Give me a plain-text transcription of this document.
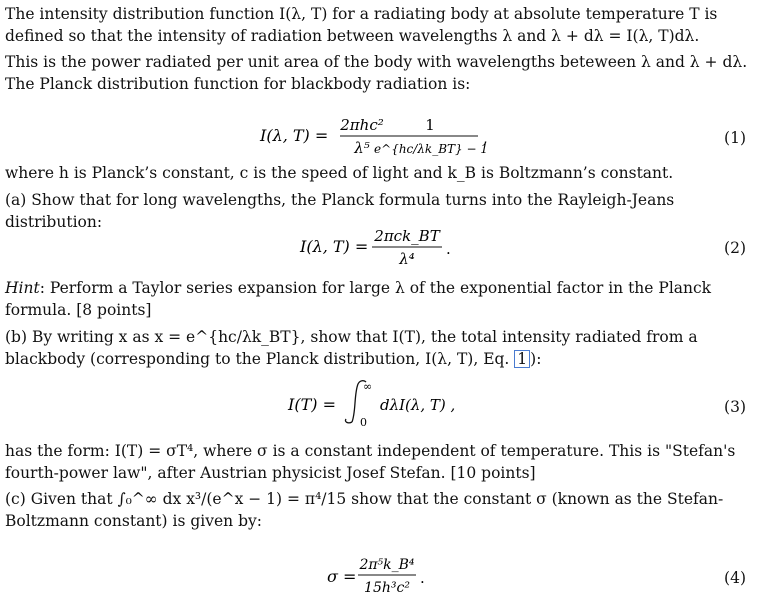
The intensity distribution function I(λ, T) for a radiating body at absolute temperature T is defined so that the intensity of radiation between wavelengths λ and λ + dλ = I(λ, T)dλ.
This is the power radiated per unit area of the body with wavelengths beteween λ and λ + dλ. The Planck distribution function for blackbody radiation is:
I(λ, T) =
2πhc²
λ⁵
1
e^{hc/λk_BT} − 1
,	(1)
where h is Planck’s constant, c is the speed of light and k_B is Boltzmann’s constant.
(a) Show that for long wavelengths, the Planck formula turns into the Rayleigh-Jeans distribution:
I(λ, T) =
2πck_BT
λ⁴
.	(2)
Hint: Perform a Taylor series expansion for large λ of the exponential factor in the Planck formula. [8 points]
(b) By writing x as x = e^{hc/λk_BT}, show that I(T), the total intensity radiated from a blackbody (corresponding to the Planck distribution, I(λ, T), Eq. 1 ):
I(T) =
∞
0
dλI(λ, T) ,	(3)
has the form: I(T) = σT⁴, where σ is a constant independent of temperature. This is "Stefan's fourth-power law", after Austrian physicist Josef Stefan. [10 points]
(c) Given that ∫₀^∞ dx x³/(e^x − 1) = π⁴/15 show that the constant σ (known as the Stefan-Boltzmann constant) is given by:
σ =
2π⁵k_B⁴
15h³c²
.	(4)
